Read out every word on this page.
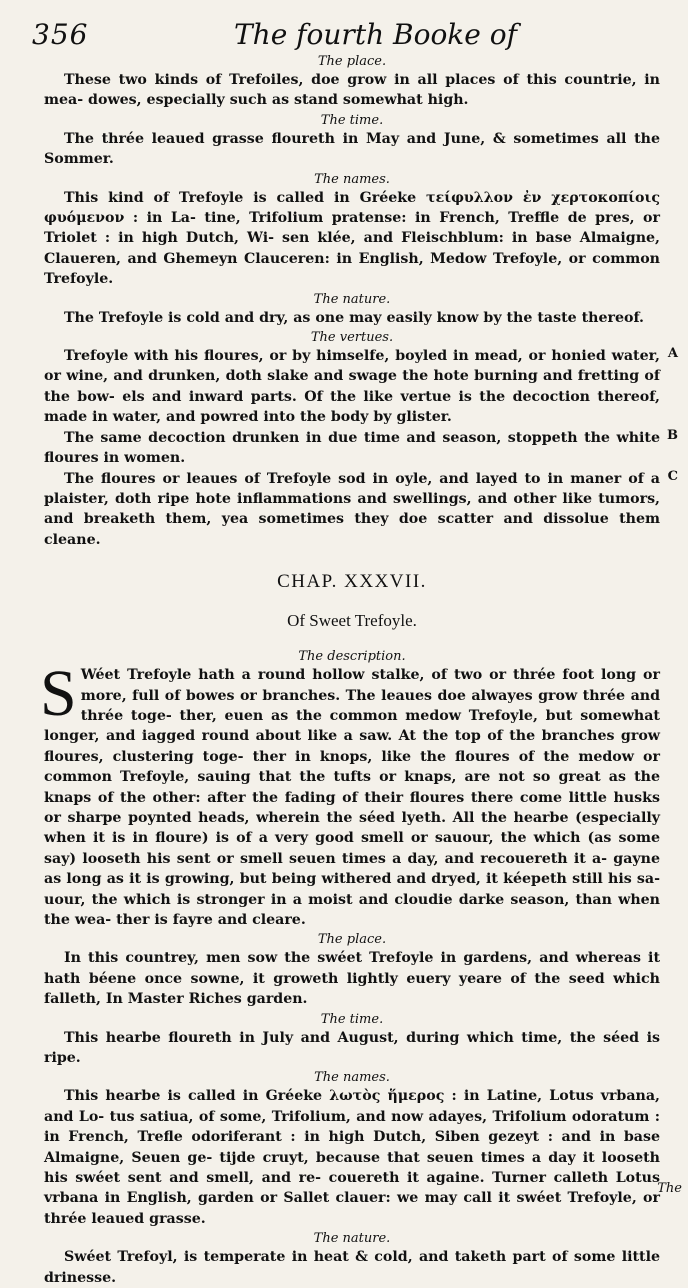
356	The fourth Booke of
The place.

These two kinds of Trefoiles, doe grow in all places of this countrie, in mea- dowes, especially such as stand somewhat high.

The time.

The thrée leaued grasse floureth in May and June, & sometimes all the Sommer.

The names.

This kind of Trefoyle is called in Gréeke τείφυλλον ἐν χερτοκοπίοις φυόμενον : in La- tine, Trifolium pratense: in French, Treffle de pres, or Triolet : in high Dutch, Wi- sen klée, and Fleischblum: in base Almaigne, Claueren, and Ghemeyn Clauceren: in English, Medow Trefoyle, or common Trefoyle.

The nature.

The Trefoyle is cold and dry, as one may easily know by the taste thereof.

The vertues.
A

Trefoyle with his floures, or by himselfe, boyled in mead, or honied water, or wine, and drunken, doth slake and swage the hote burning and fretting of the bow- els and inward parts. Of the like vertue is the decoction thereof, made in water, and powred into the body by glister.

B

The same decoction drunken in due time and season, stoppeth the white floures in women.

C

The floures or leaues of Trefoyle sod in oyle, and layed to in maner of a plaister, doth ripe hote inflammations and swellings, and other like tumors, and breaketh them, yea sometimes they doe scatter and dissolue them cleane.

CHAP. XXXVII.
Of Sweet Trefoyle.
The description.
S Wéet Trefoyle hath a round hollow stalke, of two or thrée foot long or more, full of bowes or branches. The leaues doe alwayes grow thrée and thrée toge- ther, euen as the common medow Trefoyle, but somewhat longer, and iagged round about like a saw. At the top of the branches grow floures, clustering toge- ther in knops, like the floures of the medow or common Trefoyle, sauing that the tufts or knaps, are not so great as the knaps of the other: after the fading of their floures there come little husks or sharpe poynted heads, wherein the séed lyeth. All the hearbe (especially when it is in floure) is of a very good smell or sauour, the which (as some say) looseth his sent or smell seuen times a day, and recouereth it a- gayne as long as it is growing, but being withered and dryed, it kéepeth still his sa- uour, the which is stronger in a moist and cloudie darke season, than when the wea- ther is fayre and cleare.

The place.

In this countrey, men sow the swéet Trefoyle in gardens, and whereas it hath béene once sowne, it groweth lightly euery yeare of the seed which falleth, In Master Riches garden.

The time.

This hearbe floureth in July and August, during which time, the séed is ripe.

The names.

This hearbe is called in Gréeke λωτὸς ἥμερος : in Latine, Lotus vrbana, and Lo- tus satiua, of some, Trifolium, and now adayes, Trifolium odoratum : in French, Trefle odoriferant : in high Dutch, Siben gezeyt : and in base Almaigne, Seuen ge- tijde cruyt, because that seuen times a day it looseth his swéet sent and smell, and re- couereth it againe. Turner calleth Lotus vrbana in English, garden or Sallet clauer: we may call it swéet Trefoyle, or thrée leaued grasse.

The nature.

Swéet Trefoyl, is temperate in heat & cold, and taketh part of some little drinesse.

The
